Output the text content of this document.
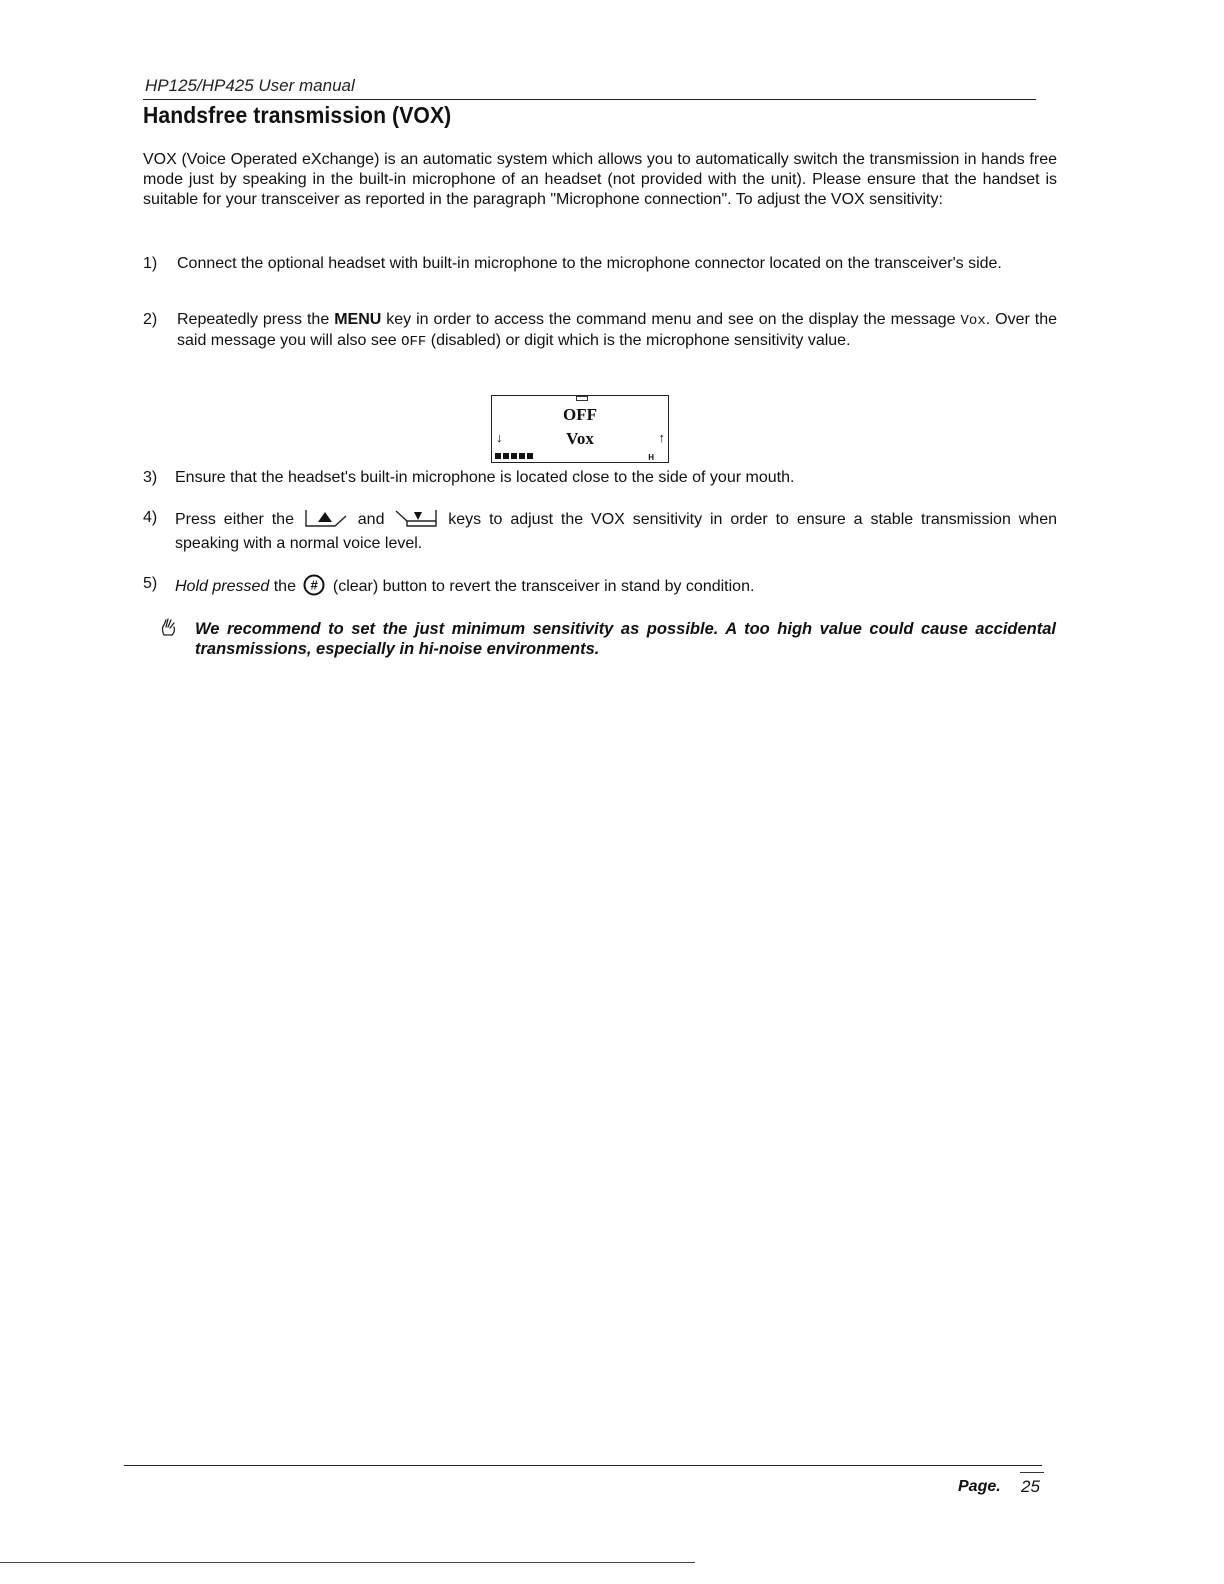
HP125/HP425 User manual
Handsfree transmission (VOX)

VOX (Voice Operated eXchange) is an automatic system which allows you to automatically switch the transmission in hands free mode just by speaking in the built-in microphone of an headset (not provided with the unit). Please ensure that the handset is suitable for your transceiver as reported in the paragraph "Microphone connection". To adjust the VOX sensitivity:

1) Connect the optional headset with built-in microphone to the microphone connector located on the transceiver's side.
2) Repeatedly press the MENU key in order to access the command menu and see on the display the message Vox. Over the said message you will also see OFF (disabled) or digit which is the microphone sensitivity value.
OFF
↓	Vox	↑
H
3) Ensure that the headset's built-in microphone is located close to the side of your mouth.
4) Press either the	and	keys to adjust the VOX sensitivity in order to ensure a stable transmission when speaking with a normal voice level.
5) Hold pressed the # (clear) button to revert the transceiver in stand by condition.
We recommend to set the just minimum sensitivity as possible. A too high value could cause accidental transmissions, especially in hi-noise environments.
Page. 25
